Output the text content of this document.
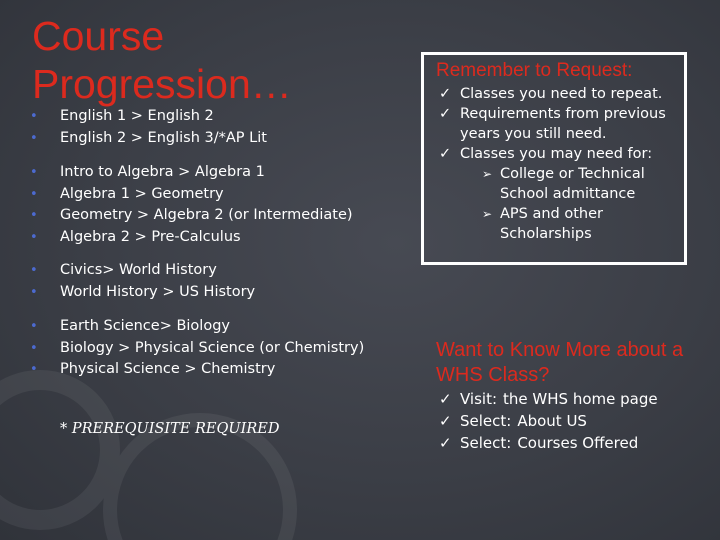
Course Progression…
• English 1 > English 2
• English 2 > English 3/*AP Lit
• Intro to Algebra > Algebra 1
• Algebra 1 > Geometry
• Geometry > Algebra 2 (or Intermediate)
• Algebra 2 > Pre-Calculus
• Civics> World History
• World History > US History
• Earth Science> Biology
• Biology > Physical Science (or Chemistry)
• Physical Science > Chemistry

* PREREQUISITE REQUIRED

Remember to Request:
✓ Classes you need to repeat.
✓ Requirements from previous years you still need.
✓ Classes you may need for:
➢ College or Technical School admittance
➢ APS and other Scholarships
Want to Know More about a WHS Class?
✓ Visit: the WHS home page
✓ Select: About US
✓ Select: Courses Offered
